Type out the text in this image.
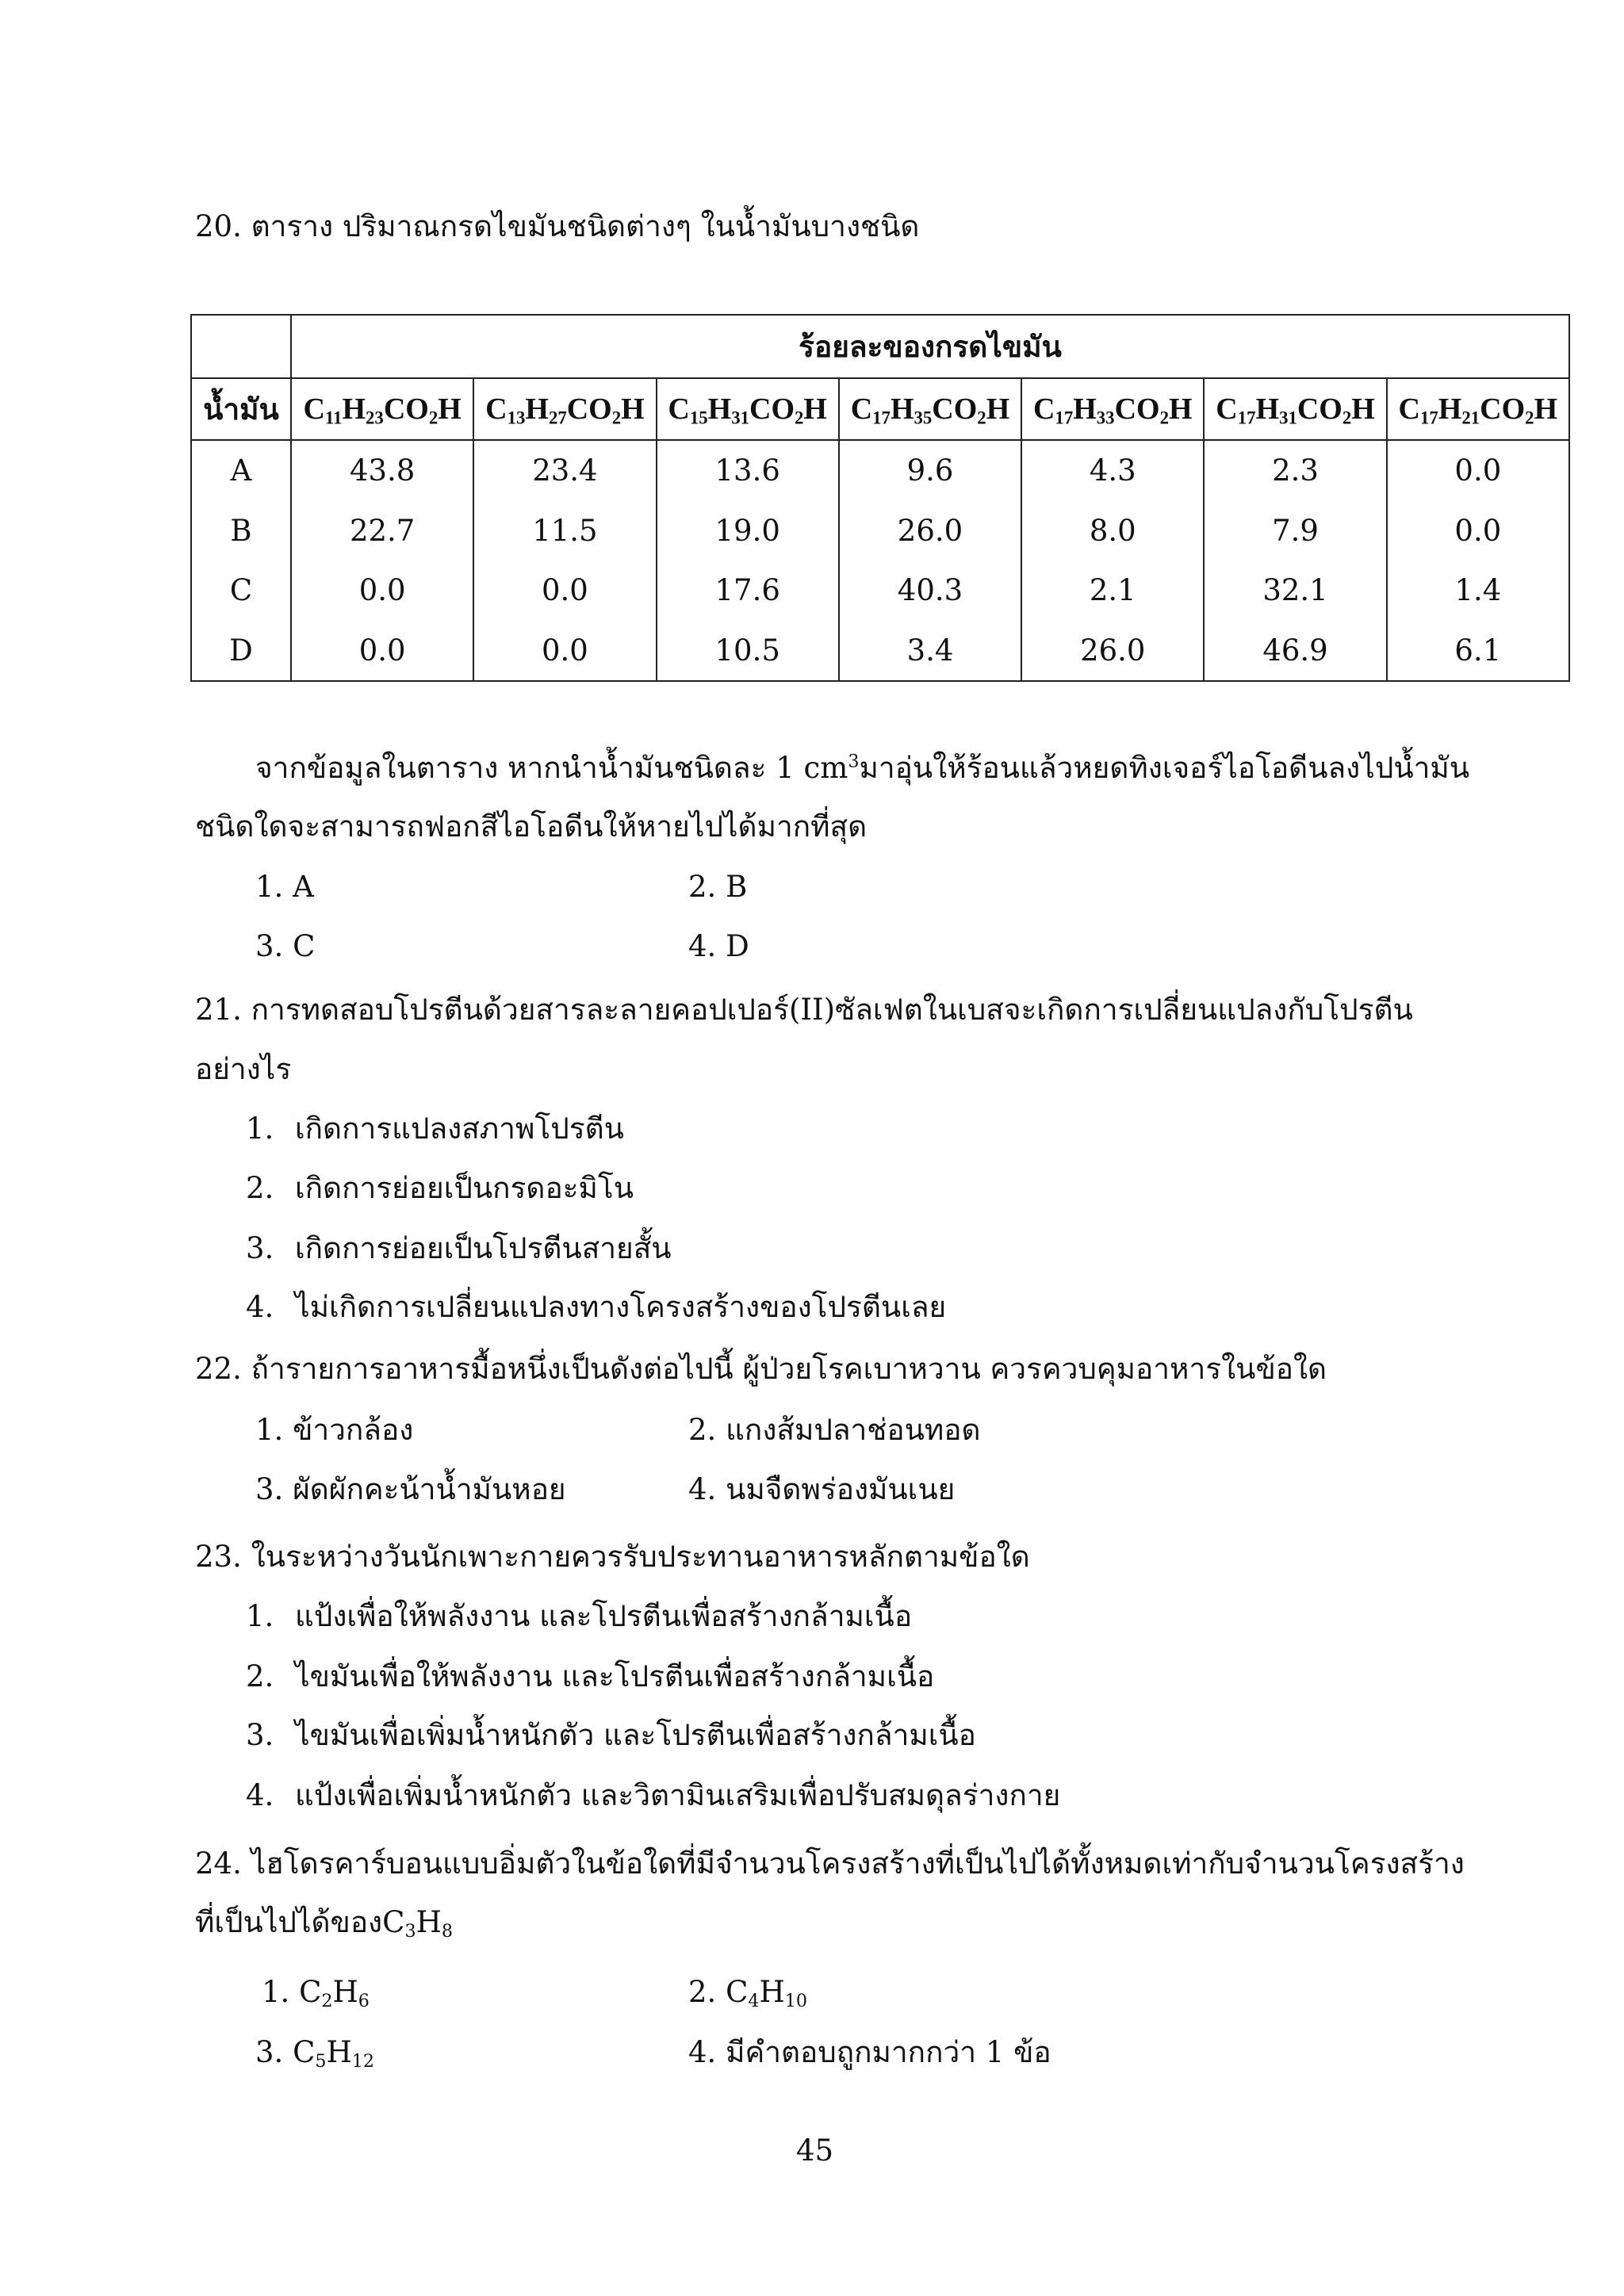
20. ตาราง ปริมาณกรดไขมันชนิดต่างๆ ในน้ำมันบางชนิด
	ร้อยละของกรดไขมัน						
น้ำมัน	$C_{11}H_{23}CO_2H$	$C_{13}H_{27}CO_2H$	$C_{15}H_{31}CO_2H$	$C_{17}H_{35}CO_2H$	$C_{17}H_{33}CO_2H$	$C_{17}H_{31}CO_2H$	$C_{17}H_{21}CO_2H$
A	43.8	23.4	13.6	9.6	4.3	2.3	0.0
B	22.7	11.5	19.0	26.0	8.0	7.9	0.0
C	0.0	0.0	17.6	40.3	2.1	32.1	1.4
D	0.0	0.0	10.5	3.4	26.0	46.9	6.1
จากข้อมูลในตาราง หากนำน้ำมันชนิดละ 1 $cm^3$มาอุ่นให้ร้อนแล้วหยดทิงเจอร์ไอโอดีนลงไปน้ำมัน
ชนิดใดจะสามารถฟอกสีไอโอดีนให้หายไปได้มากที่สุด
1. A	2. B
3. C	4. D
21. การทดสอบโปรตีนด้วยสารละลายคอปเปอร์(II)ซัลเฟตในเบสจะเกิดการเปลี่ยนแปลงกับโปรตีน
อย่างไร
1. เกิดการแปลงสภาพโปรตีน
2. เกิดการย่อยเป็นกรดอะมิโน
3. เกิดการย่อยเป็นโปรตีนสายสั้น
4. ไม่เกิดการเปลี่ยนแปลงทางโครงสร้างของโปรตีนเลย
22. ถ้ารายการอาหารมื้อหนึ่งเป็นดังต่อไปนี้ ผู้ป่วยโรคเบาหวาน ควรควบคุมอาหารในข้อใด
1. ข้าวกล้อง	2. แกงส้มปลาช่อนทอด
3. ผัดผักคะน้าน้ำมันหอย	4. นมจืดพร่องมันเนย
23. ในระหว่างวันนักเพาะกายควรรับประทานอาหารหลักตามข้อใด
1. แป้งเพื่อให้พลังงาน และโปรตีนเพื่อสร้างกล้ามเนื้อ
2. ไขมันเพื่อให้พลังงาน และโปรตีนเพื่อสร้างกล้ามเนื้อ
3. ไขมันเพื่อเพิ่มน้ำหนักตัว และโปรตีนเพื่อสร้างกล้ามเนื้อ
4. แป้งเพื่อเพิ่มน้ำหนักตัว และวิตามินเสริมเพื่อปรับสมดุลร่างกาย
24. ไฮโดรคาร์บอนแบบอิ่มตัวในข้อใดที่มีจำนวนโครงสร้างที่เป็นไปได้ทั้งหมดเท่ากับจำนวนโครงสร้าง
ที่เป็นไปได้ของ$C_3H_8$
1. $C_2H_6$	2. $C_4H_{10}$
3. $C_5H_{12}$	4. มีคำตอบถูกมากกว่า 1 ข้อ
45
